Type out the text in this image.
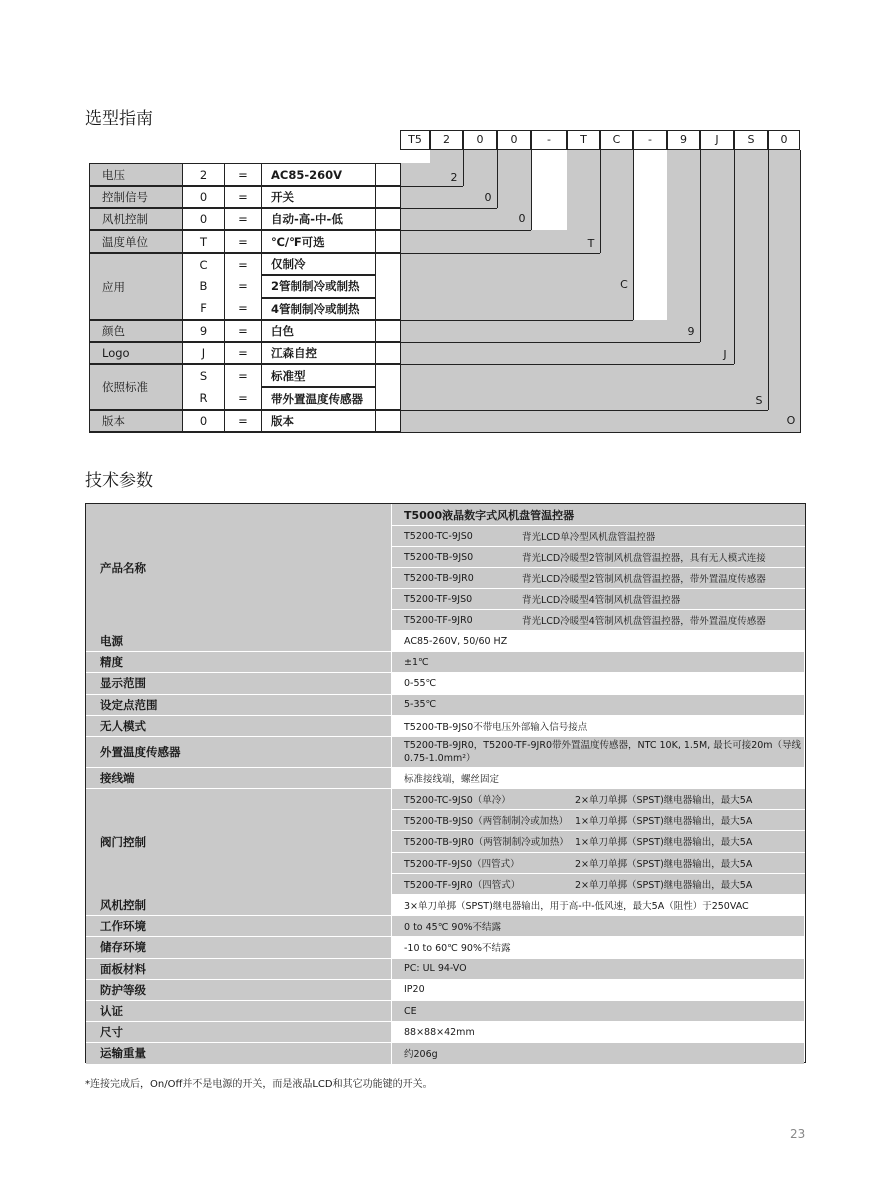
选型指南
T5	2	0	0	-	T	C	-	9	J	S	0
2
0
0
T
C
9
J
S
O
电压	2	=	AC85-260V
控制信号	0	=	开关
风机控制	0	=	自动-高-中-低
温度单位	T	=	℃/℉可选
应用
C	=	仅制冷
B	=	2管制制冷或制热
F	=	4管制制冷或制热
颜色	9	=	白色
Logo	J	=	江森自控
依照标准
S	=	标准型
R	=	带外置温度传感器
版本	0	=	版本
技术参数
产品名称
T5000液晶数字式风机盘管温控器
T5200-TC-9JS0	背光LCD单冷型风机盘管温控器
T5200-TB-9JS0	背光LCD冷暖型2管制风机盘管温控器，具有无人模式连接
T5200-TB-9JR0	背光LCD冷暖型2管制风机盘管温控器，带外置温度传感器
T5200-TF-9JS0	背光LCD冷暖型4管制风机盘管温控器
T5200-TF-9JR0	背光LCD冷暖型4管制风机盘管温控器，带外置温度传感器
电源	AC85-260V, 50/60 HZ
精度	±1℃
显示范围	0-55℃
设定点范围	5-35℃
无人模式	T5200-TB-9JS0不带电压外部输入信号接点
外置温度传感器	T5200-TB-9JR0，T5200-TF-9JR0带外置温度传感器，NTC 10K, 1.5M, 最长可接20m（导线
0.75-1.0mm²）
接线端	标准接线端，螺丝固定
阀门控制
T5200-TC-9JS0（单冷）	2×单刀单掷（SPST)继电器输出，最大5A
T5200-TB-9JS0（两管制制冷或加热） 1×单刀单掷（SPST)继电器输出，最大5A
T5200-TB-9JR0（两管制制冷或加热） 1×单刀单掷（SPST)继电器输出，最大5A
T5200-TF-9JS0（四管式）	2×单刀单掷（SPST)继电器输出，最大5A
T5200-TF-9JR0（四管式）	2×单刀单掷（SPST)继电器输出，最大5A
风机控制	3×单刀单掷（SPST)继电器输出，用于高-中-低风速，最大5A（阻性）于250VAC
工作环境	0 to 45℃ 90%不结露
储存环境	-10 to 60℃ 90%不结露
面板材料	PC: UL 94-VO
防护等级	IP20
认证	CE
尺寸	88×88×42mm
运输重量	约206g
*连接完成后，On/Off并不是电源的开关，而是液晶LCD和其它功能键的开关。
23
